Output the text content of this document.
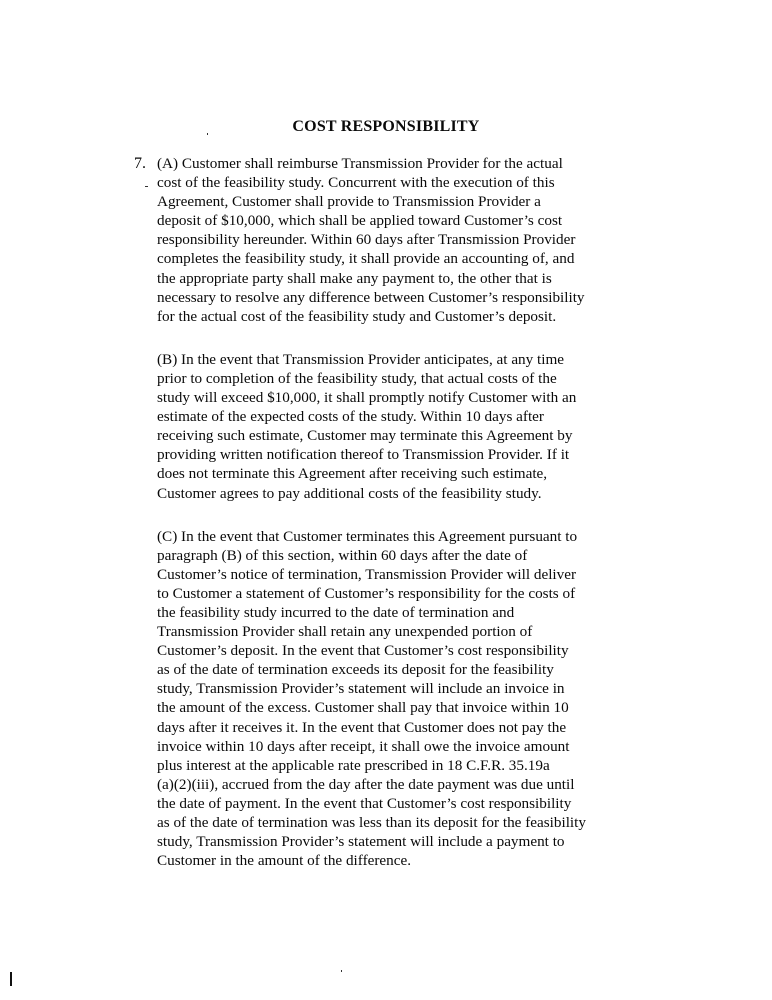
COST RESPONSIBILITY
7. (A) Customer shall reimburse Transmission Provider for the actual
cost of the feasibility study. Concurrent with the execution of this
Agreement, Customer shall provide to Transmission Provider a
deposit of $10,000, which shall be applied toward Customer’s cost
responsibility hereunder. Within 60 days after Transmission Provider
completes the feasibility study, it shall provide an accounting of, and
the appropriate party shall make any payment to, the other that is
necessary to resolve any difference between Customer’s responsibility
for the actual cost of the feasibility study and Customer’s deposit.

(B) In the event that Transmission Provider anticipates, at any time
prior to completion of the feasibility study, that actual costs of the
study will exceed $10,000, it shall promptly notify Customer with an
estimate of the expected costs of the study. Within 10 days after
receiving such estimate, Customer may terminate this Agreement by
providing written notification thereof to Transmission Provider. If it
does not terminate this Agreement after receiving such estimate,
Customer agrees to pay additional costs of the feasibility study.

(C) In the event that Customer terminates this Agreement pursuant to
paragraph (B) of this section, within 60 days after the date of
Customer’s notice of termination, Transmission Provider will deliver
to Customer a statement of Customer’s responsibility for the costs of
the feasibility study incurred to the date of termination and
Transmission Provider shall retain any unexpended portion of
Customer’s deposit. In the event that Customer’s cost responsibility
as of the date of termination exceeds its deposit for the feasibility
study, Transmission Provider’s statement will include an invoice in
the amount of the excess. Customer shall pay that invoice within 10
days after it receives it. In the event that Customer does not pay the
invoice within 10 days after receipt, it shall owe the invoice amount
plus interest at the applicable rate prescribed in 18 C.F.R. 35.19a
(a)(2)(iii), accrued from the day after the date payment was due until
the date of payment. In the event that Customer’s cost responsibility
as of the date of termination was less than its deposit for the feasibility
study, Transmission Provider’s statement will include a payment to
Customer in the amount of the difference.
